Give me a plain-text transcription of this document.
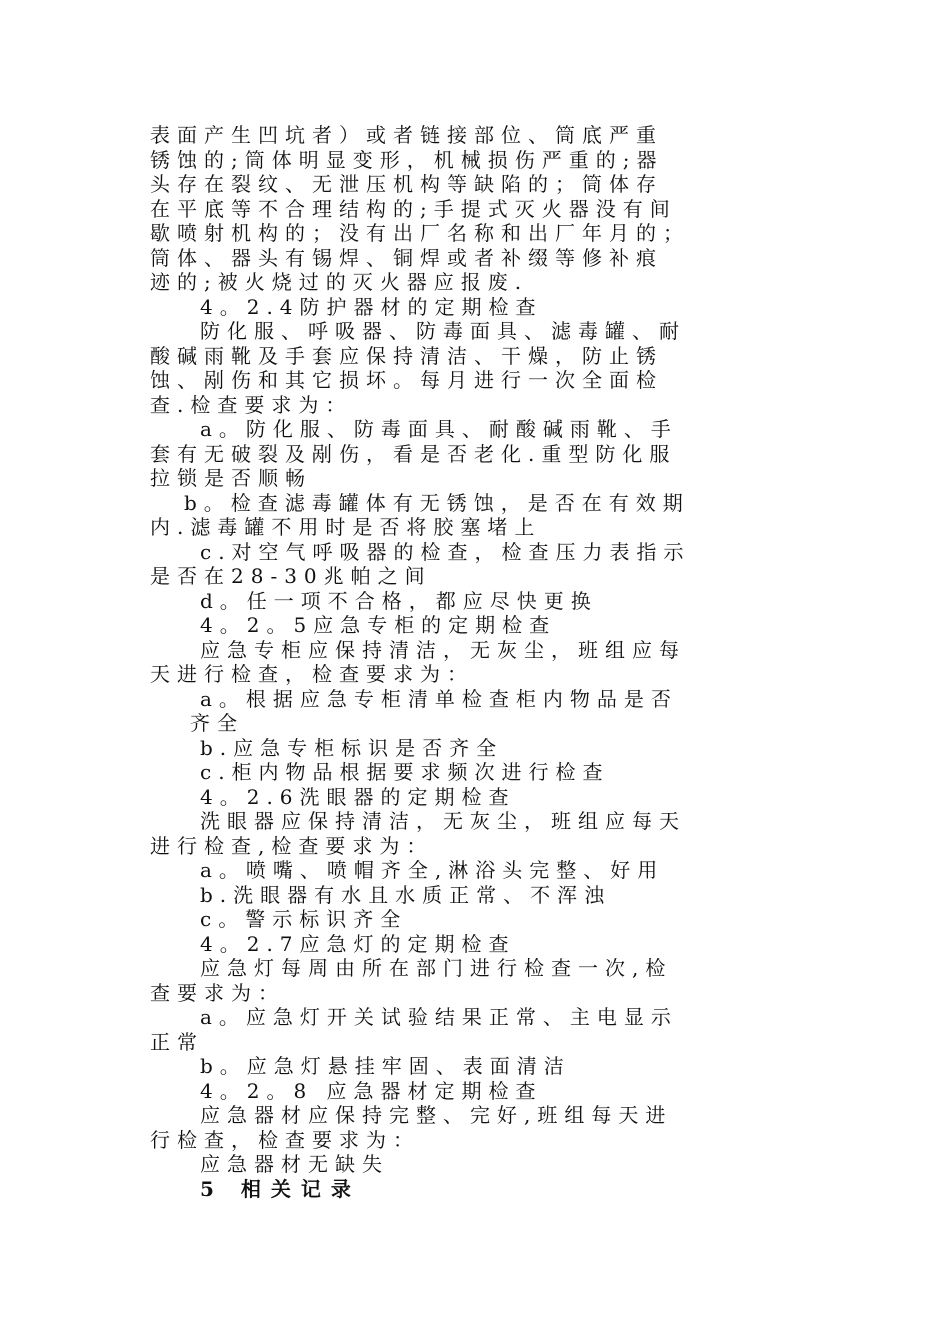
表面产生凹坑者）或者链接部位、筒底严重
锈蚀的;筒体明显变形，机械损伤严重的;器
头存在裂纹、无泄压机构等缺陷的；筒体存
在平底等不合理结构的;手提式灭火器没有间
歇喷射机构的；没有出厂名称和出厂年月的；
筒体、器头有锡焊、铜焊或者补缀等修补痕
迹的;被火烧过的灭火器应报废.
4。2.4防护器材的定期检查
防化服、呼吸器、防毒面具、滤毒罐、耐
酸碱雨靴及手套应保持清洁、干燥，防止锈
蚀、剐伤和其它损坏。每月进行一次全面检
查.检查要求为：
a。防化服、防毒面具、耐酸碱雨靴、手
套有无破裂及剐伤，看是否老化.重型防化服
拉锁是否顺畅
b。检查滤毒罐体有无锈蚀，是否在有效期
内.滤毒罐不用时是否将胶塞堵上
c.对空气呼吸器的检查，检查压力表指示
是否在28-30兆帕之间
d。任一项不合格，都应尽快更换
4。2。5应急专柜的定期检查
应急专柜应保持清洁，无灰尘，班组应每
天进行检查，检查要求为：
a。根据应急专柜清单检查柜内物品是否
齐全
b.应急专柜标识是否齐全
c.柜内物品根据要求频次进行检查
4。2.6洗眼器的定期检查
洗眼器应保持清洁，无灰尘，班组应每天
进行检查,检查要求为：
a。喷嘴、喷帽齐全,淋浴头完整、好用
b.洗眼器有水且水质正常、不浑浊
c。警示标识齐全
4。2.7应急灯的定期检查
应急灯每周由所在部门进行检查一次,检
查要求为：
a。应急灯开关试验结果正常、主电显示
正常
b。应急灯悬挂牢固、表面清洁
4。2。8 应急器材定期检查
应急器材应保持完整、完好,班组每天进
行检查，检查要求为：
应急器材无缺失
5 相关记录
